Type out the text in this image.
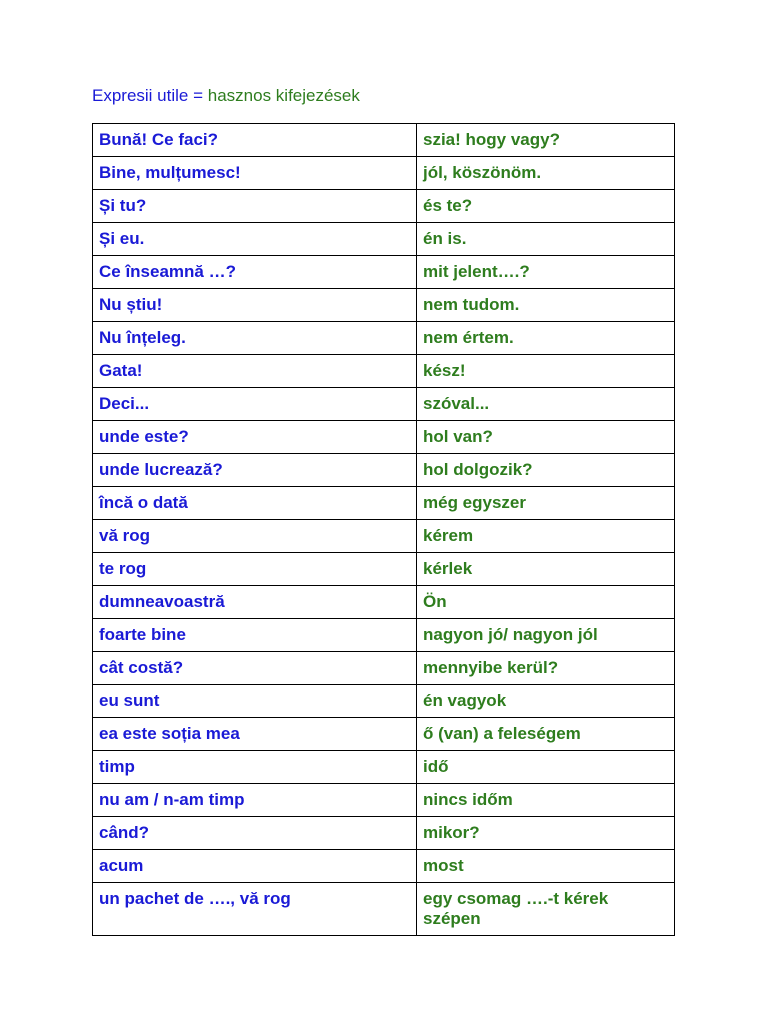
Expresii utile = hasznos kifejezések
Bună! Ce faci?	szia! hogy vagy?
Bine, mulțumesc!	jól, köszönöm.
Și tu?	és te?
Și eu.	én is.
Ce înseamnă …?	mit jelent….?
Nu știu!	nem tudom.
Nu înțeleg.	nem értem.
Gata!	kész!
Deci...	szóval...
unde este?	hol van?
unde lucrează?	hol dolgozik?
încă o dată	még egyszer
vă rog	kérem
te rog	kérlek
dumneavoastră	Ön
foarte bine	nagyon jó/ nagyon jól
cât costă?	mennyibe kerül?
eu sunt	én vagyok
ea este soția mea	ő (van) a feleségem
timp	idő
nu am / n-am timp	nincs időm
când?	mikor?
acum	most
un pachet de …., vă rog	egy csomag ….-t kérek szépen
